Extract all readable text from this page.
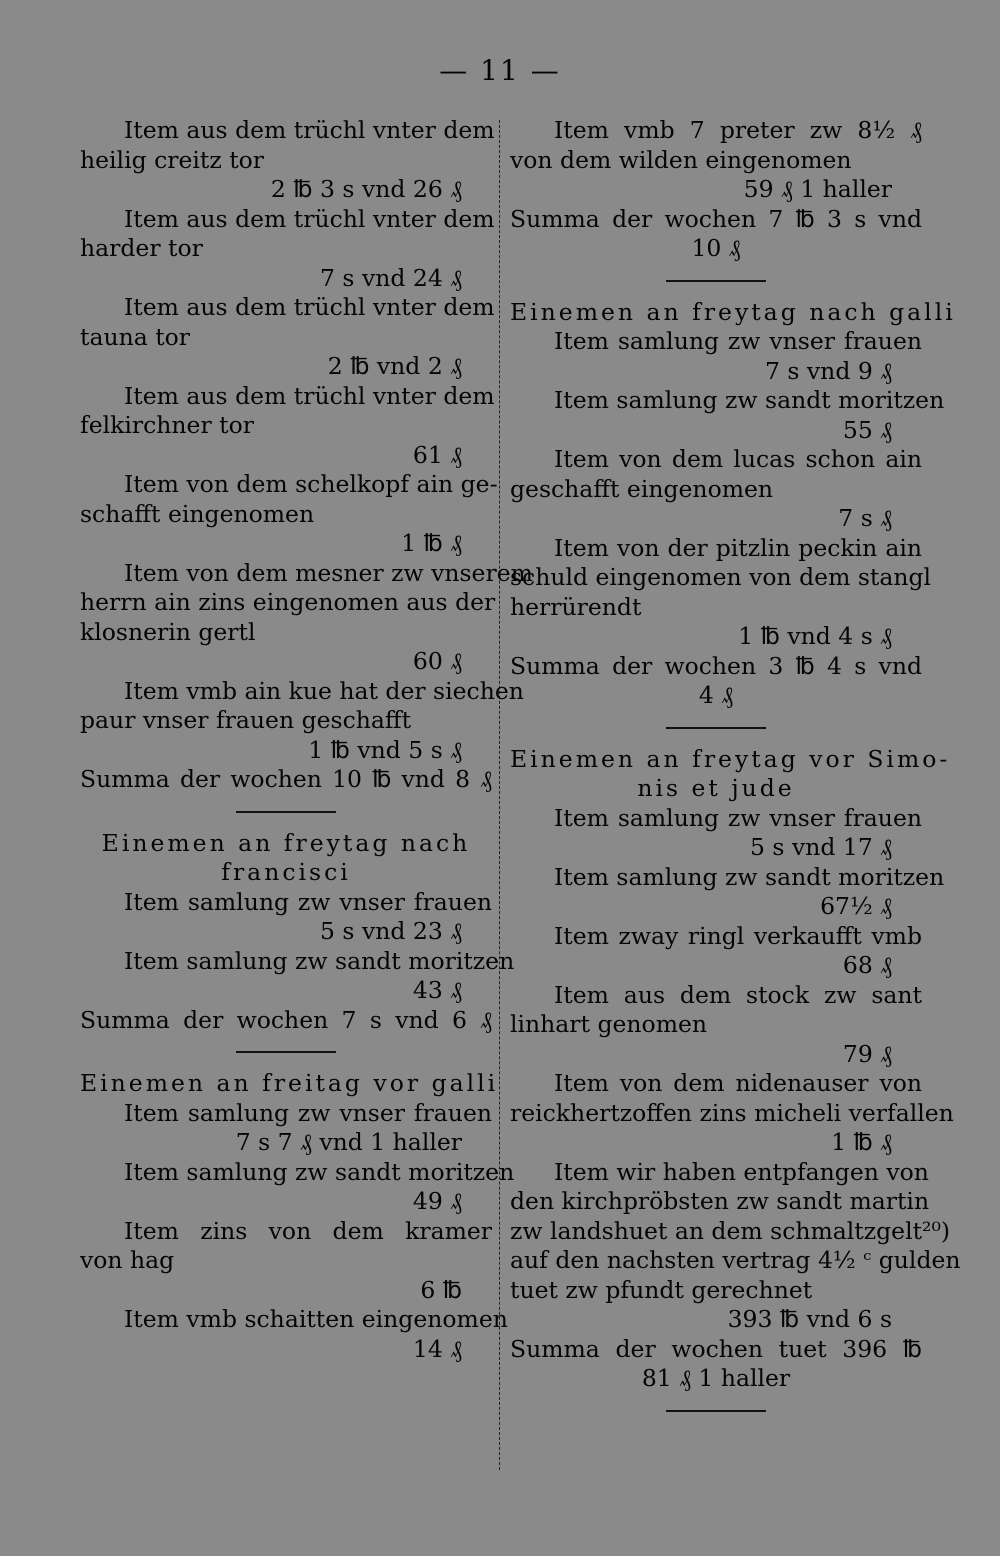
— 11 —
Item aus dem trüchl vnter dem
heilig creitz tor
2 ℔ 3 s vnd 26 ₰
Item aus dem trüchl vnter dem
harder tor
7 s vnd 24 ₰
Item aus dem trüchl vnter dem
tauna tor
2 ℔ vnd 2 ₰
Item aus dem trüchl vnter dem
felkirchner tor
61 ₰
Item von dem schelkopf ain ge-
schafft eingenomen
1 ℔ ₰
Item von dem mesner zw vnserem
herrn ain zins eingenomen aus der
klosnerin gertl
60 ₰
Item vmb ain kue hat der siechen
paur vnser frauen geschafft
1 ℔ vnd 5 s ₰
Summa der wochen 10 ℔ vnd 8 ₰
Einemen an freytag nach
francisci
Item samlung zw vnser frauen
5 s vnd 23 ₰
Item samlung zw sandt moritzen
43 ₰
Summa der wochen 7 s vnd 6 ₰
Einemen an freitag vor galli
Item samlung zw vnser frauen
7 s 7 ₰ vnd 1 haller
Item samlung zw sandt moritzen
49 ₰
Item zins von dem kramer
von hag
6 ℔
Item vmb schaitten eingenomen
14 ₰
Item vmb 7 preter zw 8½ ₰
von dem wilden eingenomen
59 ₰ 1 haller
Summa der wochen 7 ℔ 3 s vnd
10 ₰
Einemen an freytag nach galli
Item samlung zw vnser frauen
7 s vnd 9 ₰
Item samlung zw sandt moritzen
55 ₰
Item von dem lucas schon ain
geschafft eingenomen
7 s ₰
Item von der pitzlin peckin ain
schuld eingenomen von dem stangl
herrürendt
1 ℔ vnd 4 s ₰
Summa der wochen 3 ℔ 4 s vnd
4 ₰
Einemen an freytag vor Simo-
nis et jude
Item samlung zw vnser frauen
5 s vnd 17 ₰
Item samlung zw sandt moritzen
67½ ₰
Item zway ringl verkaufft vmb
68 ₰
Item aus dem stock zw sant
linhart genomen
79 ₰
Item von dem nidenauser von
reickhertzoffen zins micheli verfallen
1 ℔ ₰
Item wir haben entpfangen von
den kirchpröbsten zw sandt martin
zw landshuet an dem schmaltzgelt²⁰)
auf den nachsten vertrag 4½ ᶜ gulden
tuet zw pfundt gerechnet
393 ℔ vnd 6 s
Summa der wochen tuet 396 ℔
81 ₰ 1 haller
